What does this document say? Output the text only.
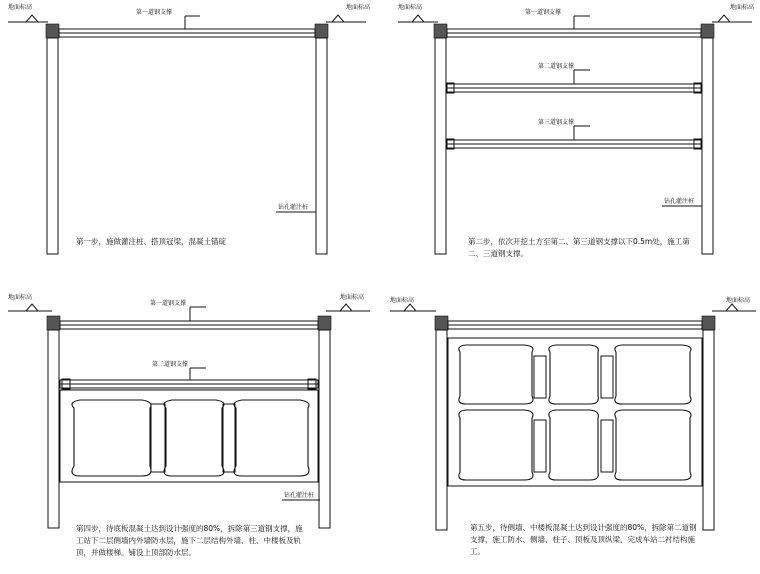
地面标高	地面标高
第一道钢支撑
钻孔灌注桩
第一步，施做灌注桩、搭顶冠梁，混凝土锚碇
地面标高	地面标高
第一道钢支撑
第二道钢支撑
第三道钢支撑
钻孔灌注桩
第二步，依次开挖土方至第二、第三道钢支撑以下0.5m处，施工第
二、三道钢支撑。
地面标高	地面标高
第一道钢支撑
第二道钢支撑
钻孔灌注桩
第四步，待底板混凝土达到设计强度的80%，拆除第三道钢支撑，施
工站下二层侧墙内外墙防水层，施下二层结构外墙、柱、中楼板及轨
顶，并做楼梯。铺设上顶部防水层。
地面标高	地面标高
第五步，待侧墙、中楼板混凝土达到设计强度的80%，拆除第二道钢
支撑，施工防水、侧墙、柱子、顶板及顶纵梁，完成车站二衬结构施
工。
